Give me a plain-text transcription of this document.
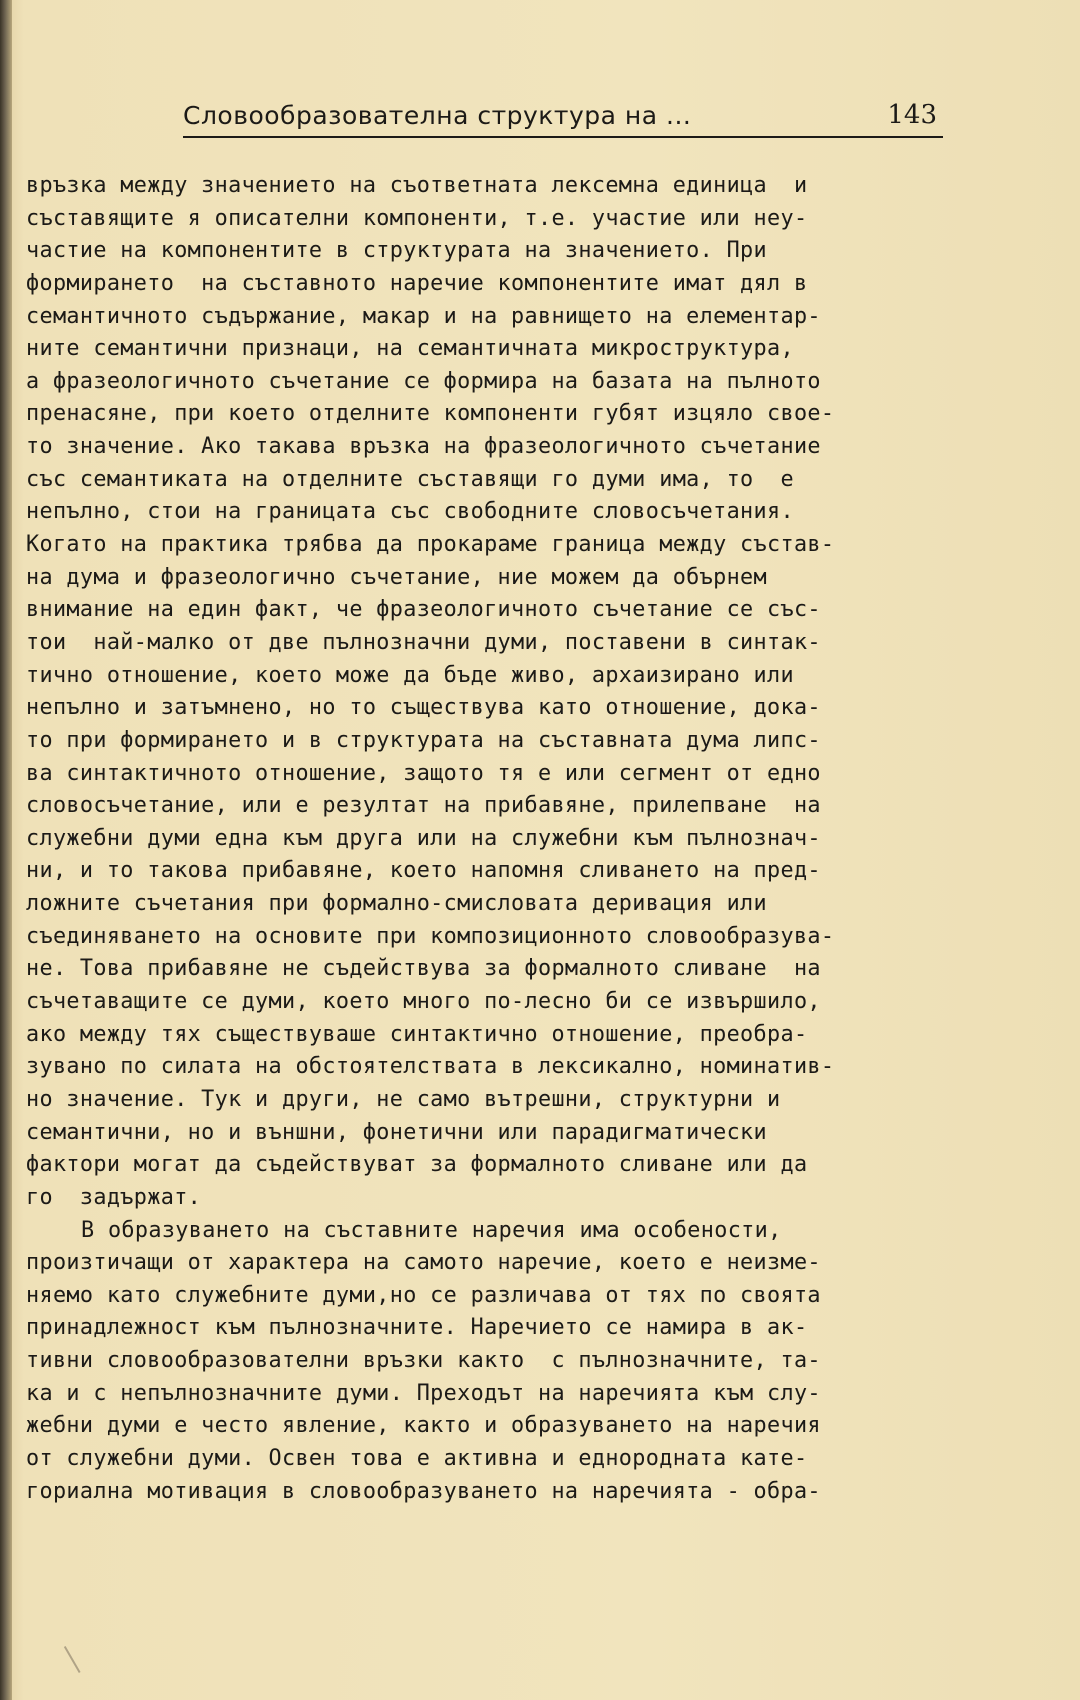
Словообразователна структура на ...	143
връзка между значението на съответната лексемна единица  и
съставящите я описателни компоненти, т.е. участие или неу-
частие на компонентите в структурата на значението. При
формирането  на съставното наречие компонентите имат дял в
семантичното съдържание, макар и на равнището на елементар-
ните семантични признаци, на семантичната микроструктура,
а фразеологичното съчетание се формира на базата на пълното
пренасяне, при което отделните компоненти губят изцяло свое-
то значение. Ако такава връзка на фразеологичното съчетание
със семантиката на отделните съставящи го думи има, то  е
непълно, стои на границата със свободните словосъчетания.
Когато на практика трябва да прокараме граница между състав-
на дума и фразеологично съчетание, ние можем да обърнем
внимание на един факт, че фразеологичното съчетание се със-
тои  най-малко от две пълнозначни думи, поставени в синтак-
тично отношение, което може да бъде живо, архаизирано или
непълно и затъмнено, но то съществува като отношение, дока-
то при формирането и в структурата на съставната дума липс-
ва синтактичното отношение, защото тя е или сегмент от едно
словосъчетание, или е резултат на прибавяне, прилепване  на
служебни думи една към друга или на служебни към пълнознач-
ни, и то такова прибавяне, което напомня сливането на пред-
ложните съчетания при формално-смисловата деривация или
съединяването на основите при композиционното словообразува-
не. Това прибавяне не съдействува за формалното сливане  на
съчетаващите се думи, което много по-лесно би се извършило,
ако между тях съществуваше синтактично отношение, преобра-
зувано по силата на обстоятелствата в лексикално, номинатив-
но значение. Тук и други, не само вътрешни, структурни и
семантични, но и външни, фонетични или парадигматически
фактори могат да съдействуват за формалното сливане или да
го  задържат.
В образуването на съставните наречия има особености,
произтичащи от характера на самото наречие, което е неизме-
няемо като служебните думи,но се различава от тях по своята
принадлежност към пълнозначните. Наречието се намира в ак-
тивни словообразователни връзки както  с пълнозначните, та-
ка и с непълнозначните думи. Преходът на наречията към слу-
жебни думи е често явление, както и образуването на наречия
от служебни думи. Освен това е активна и еднородната кате-
гориална мотивация в словообразуването на наречията - обра-
